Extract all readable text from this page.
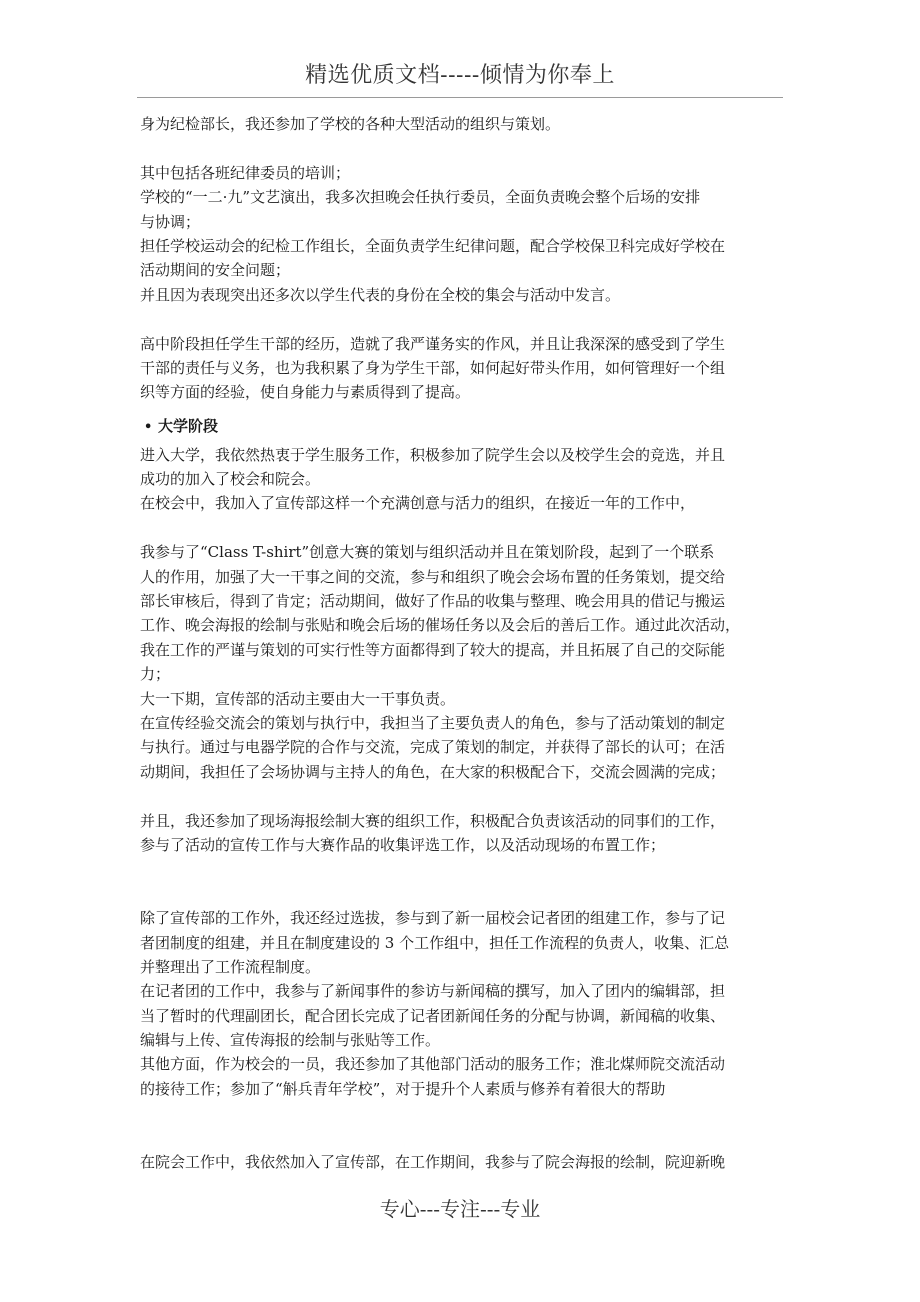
精选优质文档-----倾情为你奉上
身为纪检部长，我还参加了学校的各种大型活动的组织与策划。
其中包括各班纪律委员的培训；
学校的“一二·九”文艺演出，我多次担晚会任执行委员，全面负责晚会整个后场的安排
与协调；
担任学校运动会的纪检工作组长，全面负责学生纪律问题，配合学校保卫科完成好学校在
活动期间的安全问题；
并且因为表现突出还多次以学生代表的身份在全校的集会与活动中发言。
高中阶段担任学生干部的经历，造就了我严谨务实的作风，并且让我深深的感受到了学生
干部的责任与义务，也为我积累了身为学生干部，如何起好带头作用，如何管理好一个组
织等方面的经验，使自身能力与素质得到了提高。
• 大学阶段
进入大学，我依然热衷于学生服务工作，积极参加了院学生会以及校学生会的竞选，并且
成功的加入了校会和院会。
在校会中，我加入了宣传部这样一个充满创意与活力的组织，在接近一年的工作中，
我参与了“Class T-shirt”创意大赛的策划与组织活动并且在策划阶段，起到了一个联系
人的作用，加强了大一干事之间的交流，参与和组织了晚会会场布置的任务策划，提交给
部长审核后，得到了肯定；活动期间，做好了作品的收集与整理、晚会用具的借记与搬运
工作、晚会海报的绘制与张贴和晚会后场的催场任务以及会后的善后工作。通过此次活动，
我在工作的严谨与策划的可实行性等方面都得到了较大的提高，并且拓展了自己的交际能
力；
大一下期，宣传部的活动主要由大一干事负责。
在宣传经验交流会的策划与执行中，我担当了主要负责人的角色，参与了活动策划的制定
与执行。通过与电器学院的合作与交流，完成了策划的制定，并获得了部长的认可；在活
动期间，我担任了会场协调与主持人的角色，在大家的积极配合下，交流会圆满的完成；
并且，我还参加了现场海报绘制大赛的组织工作，积极配合负责该活动的同事们的工作，
参与了活动的宣传工作与大赛作品的收集评选工作，以及活动现场的布置工作；
除了宣传部的工作外，我还经过选拔，参与到了新一届校会记者团的组建工作，参与了记
者团制度的组建，并且在制度建设的 3 个工作组中，担任工作流程的负责人，收集、汇总
并整理出了工作流程制度。
在记者团的工作中，我参与了新闻事件的参访与新闻稿的撰写，加入了团内的编辑部，担
当了暂时的代理副团长，配合团长完成了记者团新闻任务的分配与协调，新闻稿的收集、
编辑与上传、宣传海报的绘制与张贴等工作。
其他方面，作为校会的一员，我还参加了其他部门活动的服务工作；淮北煤师院交流活动
的接待工作；参加了“斛兵青年学校”，对于提升个人素质与修养有着很大的帮助
在院会工作中，我依然加入了宣传部，在工作期间，我参与了院会海报的绘制，院迎新晚
专心---专注---专业
